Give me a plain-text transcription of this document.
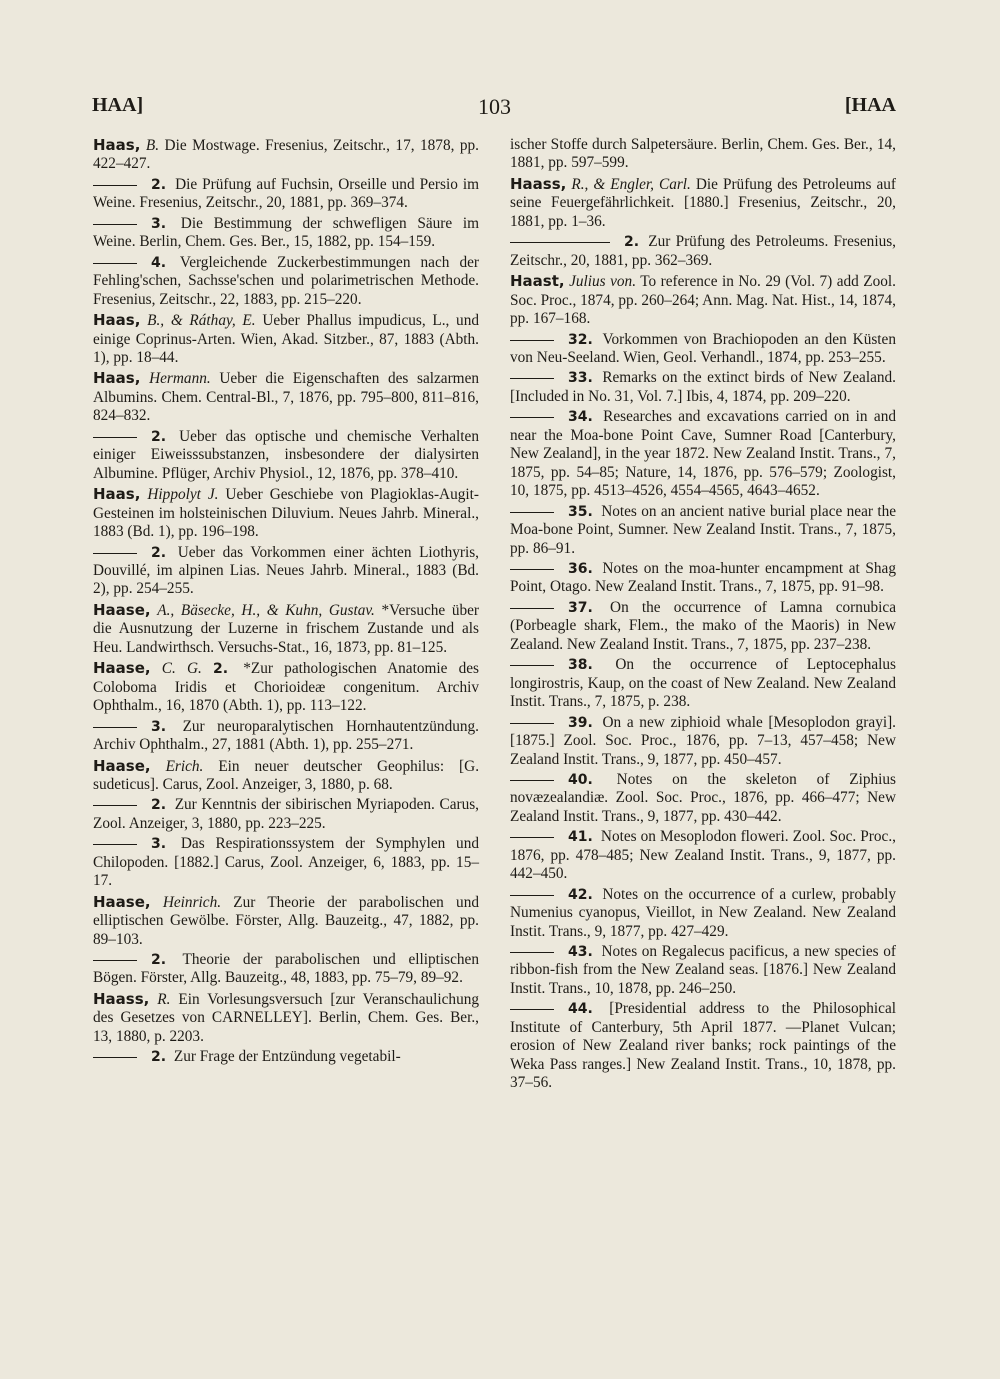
HAA]	103	[HAA

Haas, B. Die Mostwage. Fresenius, Zeitschr., 17, 1878, pp. 422–427.

2. Die Prüfung auf Fuchsin, Orseille und Persio im Weine. Fresenius, Zeitschr., 20, 1881, pp. 369–374.

3. Die Bestimmung der schwefligen Säure im Weine. Berlin, Chem. Ges. Ber., 15, 1882, pp. 154–159.

4. Vergleichende Zuckerbestimmungen nach der Fehling'schen, Sachsse'schen und polarimetrischen Methode. Fresenius, Zeitschr., 22, 1883, pp. 215–220.

Haas, B., & Ráthay, E. Ueber Phallus impudicus, L., und einige Coprinus-Arten. Wien, Akad. Sitzber., 87, 1883 (Abth. 1), pp. 18–44.

Haas, Hermann. Ueber die Eigenschaften des salzarmen Albumins. Chem. Central-Bl., 7, 1876, pp. 795–800, 811–816, 824–832.

2. Ueber das optische und chemische Verhalten einiger Eiweisssubstanzen, insbesondere der dialysirten Albumine. Pflüger, Archiv Physiol., 12, 1876, pp. 378–410.

Haas, Hippolyt J. Ueber Geschiebe von Plagioklas-Augit-Gesteinen im holsteinischen Diluvium. Neues Jahrb. Mineral., 1883 (Bd. 1), pp. 196–198.

2. Ueber das Vorkommen einer ächten Liothyris, Douvillé, im alpinen Lias. Neues Jahrb. Mineral., 1883 (Bd. 2), pp. 254–255.

Haase, A., Bäsecke, H., & Kuhn, Gustav. *Versuche über die Ausnutzung der Luzerne in frischem Zustande und als Heu. Landwirthsch. Versuchs-Stat., 16, 1873, pp. 81–125.

Haase, C. G. 2. *Zur pathologischen Anatomie des Coloboma Iridis et Chorioideæ congenitum. Archiv Ophthalm., 16, 1870 (Abth. 1), pp. 113–122.

3. Zur neuroparalytischen Hornhautentzündung. Archiv Ophthalm., 27, 1881 (Abth. 1), pp. 255–271.

Haase, Erich. Ein neuer deutscher Geophilus: [G. sudeticus]. Carus, Zool. Anzeiger, 3, 1880, p. 68.

2. Zur Kenntnis der sibirischen Myriapoden. Carus, Zool. Anzeiger, 3, 1880, pp. 223–225.

3. Das Respirationssystem der Symphylen und Chilopoden. [1882.] Carus, Zool. Anzeiger, 6, 1883, pp. 15–17.

Haase, Heinrich. Zur Theorie der parabolischen und elliptischen Gewölbe. Förster, Allg. Bauzeitg., 47, 1882, pp. 89–103.

2. Theorie der parabolischen und elliptischen Bögen. Förster, Allg. Bauzeitg., 48, 1883, pp. 75–79, 89–92.

Haass, R. Ein Vorlesungsversuch [zur Veranschaulichung des Gesetzes von CARNELLEY]. Berlin, Chem. Ges. Ber., 13, 1880, p. 2203.

2. Zur Frage der Entzündung vegetabil-

ischer Stoffe durch Salpetersäure. Berlin, Chem. Ges. Ber., 14, 1881, pp. 597–599.

Haass, R., & Engler, Carl. Die Prüfung des Petroleums auf seine Feuergefährlichkeit. [1880.] Fresenius, Zeitschr., 20, 1881, pp. 1–36.

2. Zur Prüfung des Petroleums. Fresenius, Zeitschr., 20, 1881, pp. 362–369.

Haast, Julius von. To reference in No. 29 (Vol. 7) add Zool. Soc. Proc., 1874, pp. 260–264; Ann. Mag. Nat. Hist., 14, 1874, pp. 167–168.

32. Vorkommen von Brachiopoden an den Küsten von Neu-Seeland. Wien, Geol. Verhandl., 1874, pp. 253–255.

33. Remarks on the extinct birds of New Zealand. [Included in No. 31, Vol. 7.] Ibis, 4, 1874, pp. 209–220.

34. Researches and excavations carried on in and near the Moa-bone Point Cave, Sumner Road [Canterbury, New Zealand], in the year 1872. New Zealand Instit. Trans., 7, 1875, pp. 54–85; Nature, 14, 1876, pp. 576–579; Zoologist, 10, 1875, pp. 4513–4526, 4554–4565, 4643–4652.

35. Notes on an ancient native burial place near the Moa-bone Point, Sumner. New Zealand Instit. Trans., 7, 1875, pp. 86–91.

36. Notes on the moa-hunter encampment at Shag Point, Otago. New Zealand Instit. Trans., 7, 1875, pp. 91–98.

37. On the occurrence of Lamna cornubica (Porbeagle shark, Flem., the mako of the Maoris) in New Zealand. New Zealand Instit. Trans., 7, 1875, pp. 237–238.

38. On the occurrence of Leptocephalus longirostris, Kaup, on the coast of New Zealand. New Zealand Instit. Trans., 7, 1875, p. 238.

39. On a new ziphioid whale [Mesoplodon grayi]. [1875.] Zool. Soc. Proc., 1876, pp. 7–13, 457–458; New Zealand Instit. Trans., 9, 1877, pp. 450–457.

40. Notes on the skeleton of Ziphius novæzealandiæ. Zool. Soc. Proc., 1876, pp. 466–477; New Zealand Instit. Trans., 9, 1877, pp. 430–442.

41. Notes on Mesoplodon floweri. Zool. Soc. Proc., 1876, pp. 478–485; New Zealand Instit. Trans., 9, 1877, pp. 442–450.

42. Notes on the occurrence of a curlew, probably Numenius cyanopus, Vieillot, in New Zealand. New Zealand Instit. Trans., 9, 1877, pp. 427–429.

43. Notes on Regalecus pacificus, a new species of ribbon-fish from the New Zealand seas. [1876.] New Zealand Instit. Trans., 10, 1878, pp. 246–250.

44. [Presidential address to the Philosophical Institute of Canterbury, 5th April 1877. —Planet Vulcan; erosion of New Zealand river banks; rock paintings of the Weka Pass ranges.] New Zealand Instit. Trans., 10, 1878, pp. 37–56.
